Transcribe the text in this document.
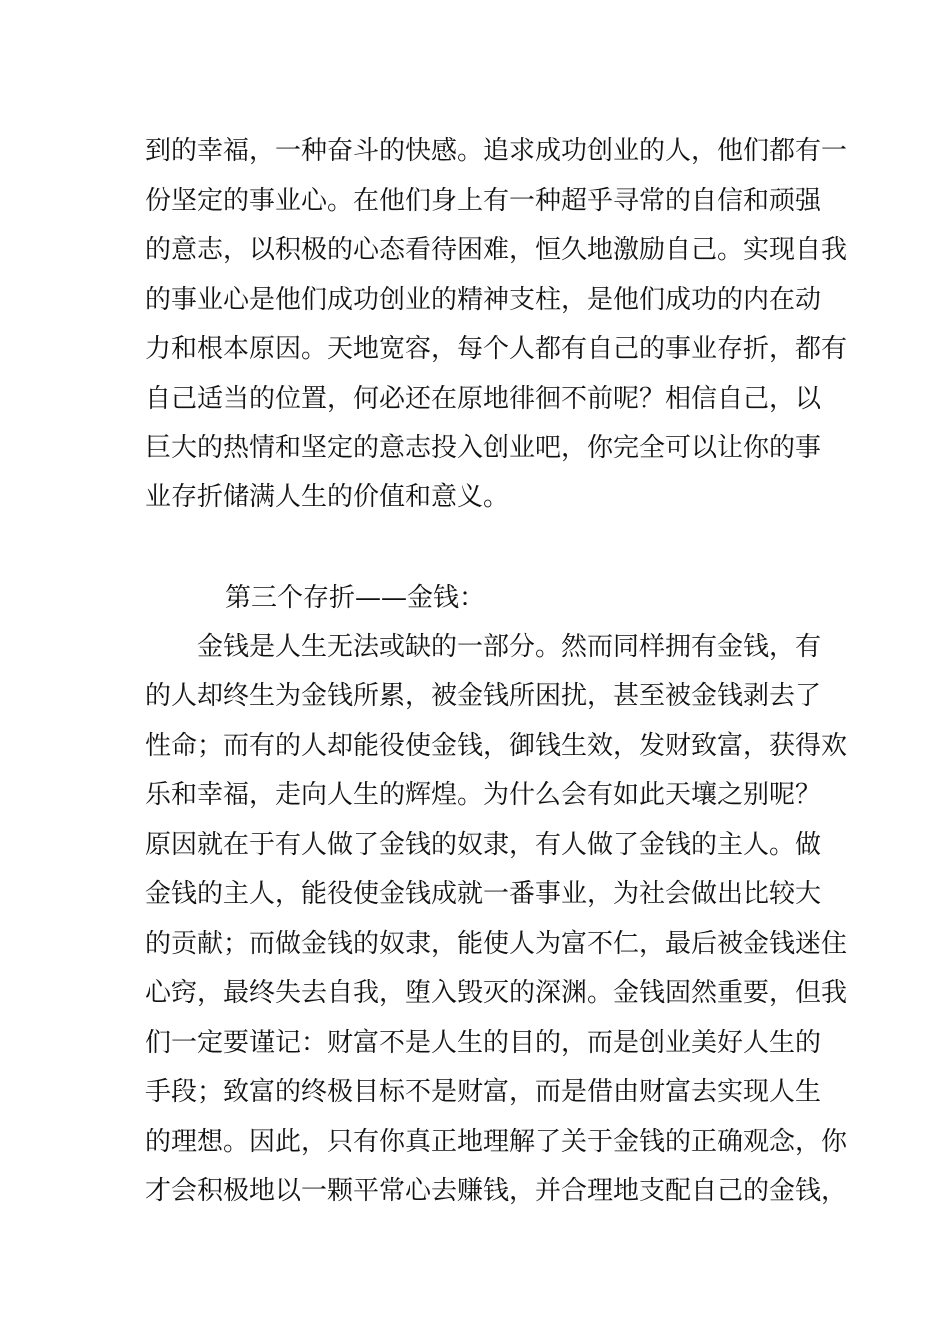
到的幸福，一种奋斗的快感。追求成功创业的人，他们都有一
份坚定的事业心。在他们身上有一种超乎寻常的自信和顽强
的意志，以积极的心态看待困难，恒久地激励自己。实现自我
的事业心是他们成功创业的精神支柱，是他们成功的内在动
力和根本原因。天地宽容，每个人都有自己的事业存折，都有
自己适当的位置，何必还在原地徘徊不前呢？相信自己，以
巨大的热情和坚定的意志投入创业吧，你完全可以让你的事
业存折储满人生的价值和意义。
第三个存折——金钱：
金钱是人生无法或缺的一部分。然而同样拥有金钱，有
的人却终生为金钱所累，被金钱所困扰，甚至被金钱剥去了
性命；而有的人却能役使金钱，御钱生效，发财致富，获得欢
乐和幸福，走向人生的辉煌。为什么会有如此天壤之别呢？
原因就在于有人做了金钱的奴隶，有人做了金钱的主人。做
金钱的主人，能役使金钱成就一番事业，为社会做出比较大
的贡献；而做金钱的奴隶，能使人为富不仁，最后被金钱迷住
心窍，最终失去自我，堕入毁灭的深渊。金钱固然重要，但我
们一定要谨记：财富不是人生的目的，而是创业美好人生的
手段；致富的终极目标不是财富，而是借由财富去实现人生
的理想。因此，只有你真正地理解了关于金钱的正确观念，你
才会积极地以一颗平常心去赚钱，并合理地支配自己的金钱，
